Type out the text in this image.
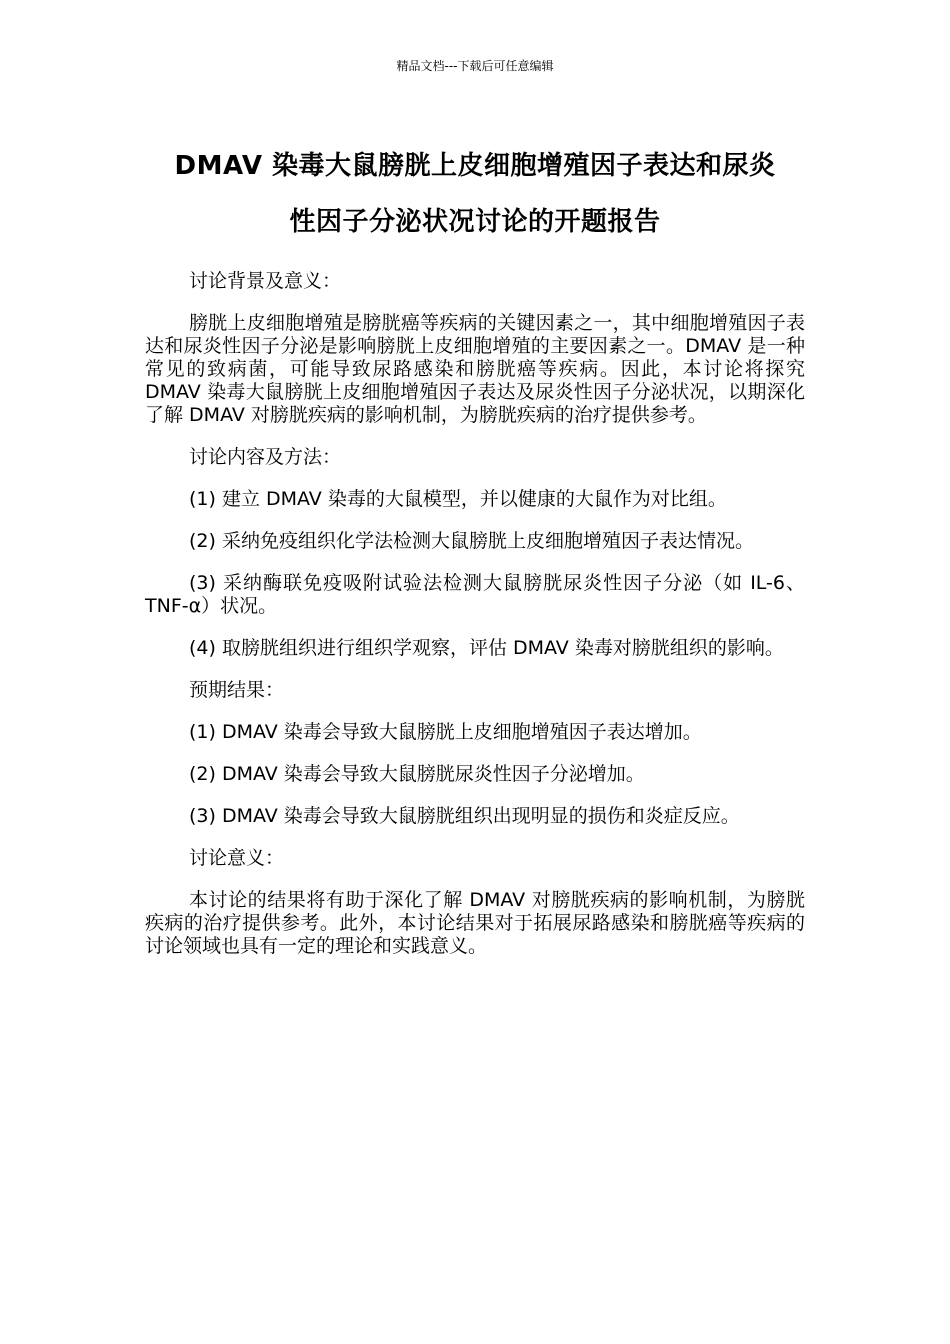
精品文档---下载后可任意编辑
DMAV 染毒大鼠膀胱上皮细胞增殖因子表达和尿炎
性因子分泌状况讨论的开题报告

讨论背景及意义：

膀胱上皮细胞增殖是膀胱癌等疾病的关键因素之一，其中细胞增殖因子表达和尿炎性因子分泌是影响膀胱上皮细胞增殖的主要因素之一。DMAV 是一种常见的致病菌，可能导致尿路感染和膀胱癌等疾病。因此，本讨论将探究 DMAV 染毒大鼠膀胱上皮细胞增殖因子表达及尿炎性因子分泌状况，以期深化了解 DMAV 对膀胱疾病的影响机制，为膀胱疾病的治疗提供参考。

讨论内容及方法：

(1) 建立 DMAV 染毒的大鼠模型，并以健康的大鼠作为对比组。

(2) 采纳免疫组织化学法检测大鼠膀胱上皮细胞增殖因子表达情况。

(3) 采纳酶联免疫吸附试验法检测大鼠膀胱尿炎性因子分泌（如 IL-6、TNF-α）状况。

(4) 取膀胱组织进行组织学观察，评估 DMAV 染毒对膀胱组织的影响。

预期结果：

(1) DMAV 染毒会导致大鼠膀胱上皮细胞增殖因子表达增加。

(2) DMAV 染毒会导致大鼠膀胱尿炎性因子分泌增加。

(3) DMAV 染毒会导致大鼠膀胱组织出现明显的损伤和炎症反应。

讨论意义：

本讨论的结果将有助于深化了解 DMAV 对膀胱疾病的影响机制，为膀胱疾病的治疗提供参考。此外，本讨论结果对于拓展尿路感染和膀胱癌等疾病的讨论领域也具有一定的理论和实践意义。
